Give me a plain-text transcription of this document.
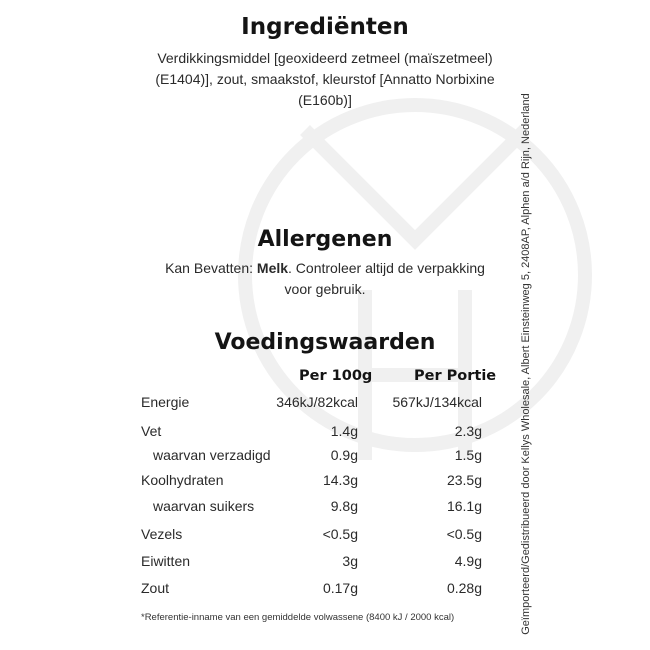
Ingrediënten
Verdikkingsmiddel [geoxideerd zetmeel (maïszetmeel)
(E1404)], zout, smaakstof, kleurstof [Annatto Norbixine
(E160b)]
Allergenen
Kan Bevatten: Melk. Controleer altijd de verpakking
voor gebruik.
Voedingswaarden
Per 100g	Per Portie
Energie	346kJ/82kcal 567kJ/134kcal
Vet	1.4g	2.3g
waarvan verzadigd	0.9g	1.5g
Koolhydraten	14.3g	23.5g
waarvan suikers	9.8g	16.1g
Vezels	<0.5g	<0.5g
Eiwitten	3g	4.9g
Zout	0.17g	0.28g
*Referentie-inname van een gemiddelde volwassene (8400 kJ / 2000 kcal)	Geïmporteerd/Gedistribueerd door Kellys Wholesale, Albert Einsteinweg 5, 2408AP, Alphen a/d Rijn, Nederland
